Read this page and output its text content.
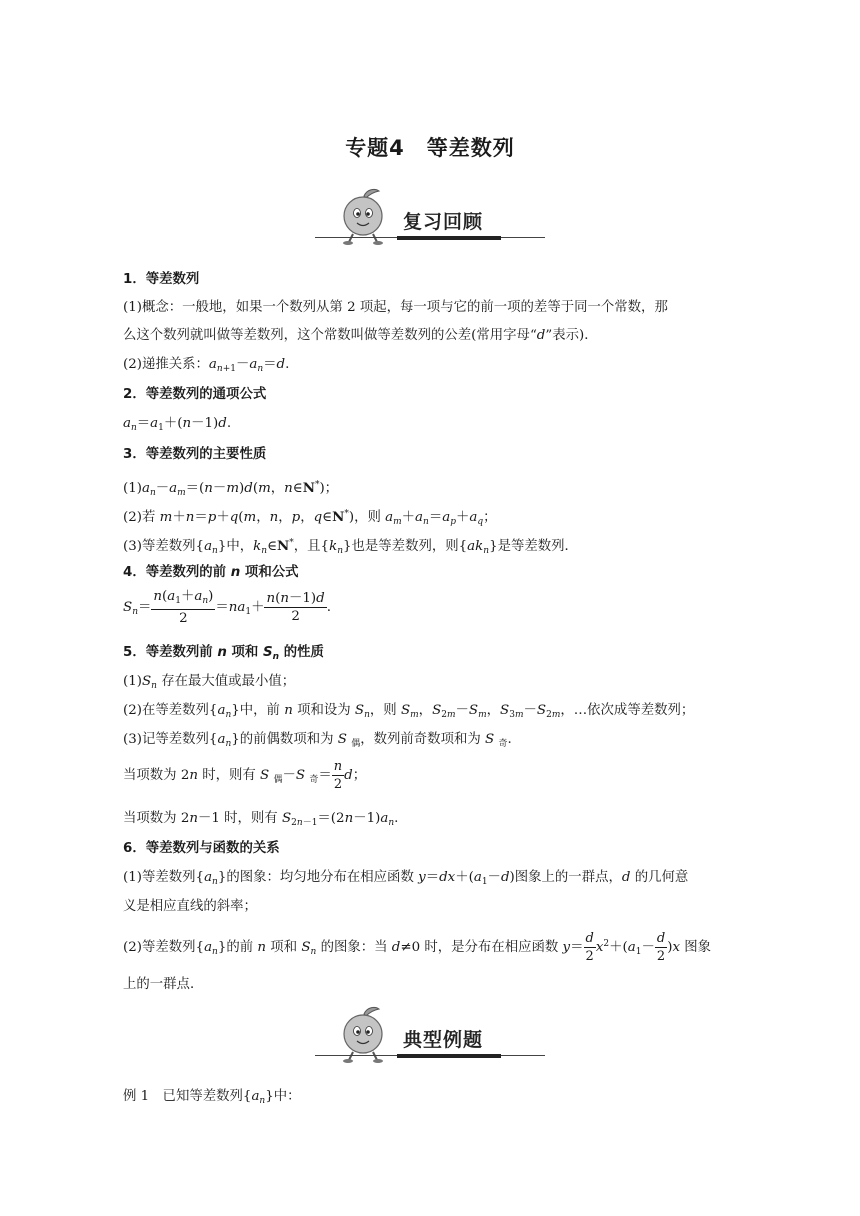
专题4　等差数列
复习回顾
1．等差数列
(1)概念：一般地，如果一个数列从第 2 项起，每一项与它的前一项的差等于同一个常数，那
么这个数列就叫做等差数列，这个常数叫做等差数列的公差(常用字母“d”表示)．
(2)递推关系：$a_{n+1}-a_n=d$.
2．等差数列的通项公式
$a_n=a_1+(n-1)d$.
3．等差数列的主要性质
$(1)a_n-a_m=(n-m)d(m$，n∈N*)；
(2)若 m＋n＝p＋q(m，n，p，q∈N*)，则 $a_m+a_n=a_p+a_q$；
(3)等差数列$\{a_n\}$中，$k_n\in N^*$，且$\{k_n\}$也是等差数列，则$\{ak_n\}$是等差数列．
4．等差数列的前 n 项和公式
$S_n= \frac{n(a_1+a_n)}{2} =na_1+ \frac{n(n-1)d}{2}$ .
5．等差数列前 n 项和 $S_n$ 的性质
$(1)S_n$ 存在最大值或最小值；
(2)在等差数列$\{a_n\}$中，前 n 项和设为 $S_n$，则 $S_m$，$S_{2m}-S_m$，$S_{3m}-S_{2m}$，…依次成等差数列；
(3)记等差数列$\{a_n\}$的前偶数项和为 S $_偶$，数列前奇数项和为 S $_奇$.
当项数为 2n 时，则有 S $_偶$－S $_奇= \frac{n}{2}$ d；
当项数为 2n－1 时，则有 $S_{2n-1}=(2n-1)a_n$.
6．等差数列与函数的关系
(1)等差数列$\{a_n\}$的图象：均匀地分布在相应函数 $y=dx+(a_1-d)$图象上的一群点，d 的几何意
义是相应直线的斜率；
(2)等差数列$\{a_n\}$的前 n 项和 $S_n$ 的图象：当 d≠0 时，是分布在相应函数 $y= \frac{d}{2} x^2+(a_1- \frac{d}{2} )x$ 图象
上的一群点．
典型例题
例 1　已知等差数列$\{a_n\}$中：
